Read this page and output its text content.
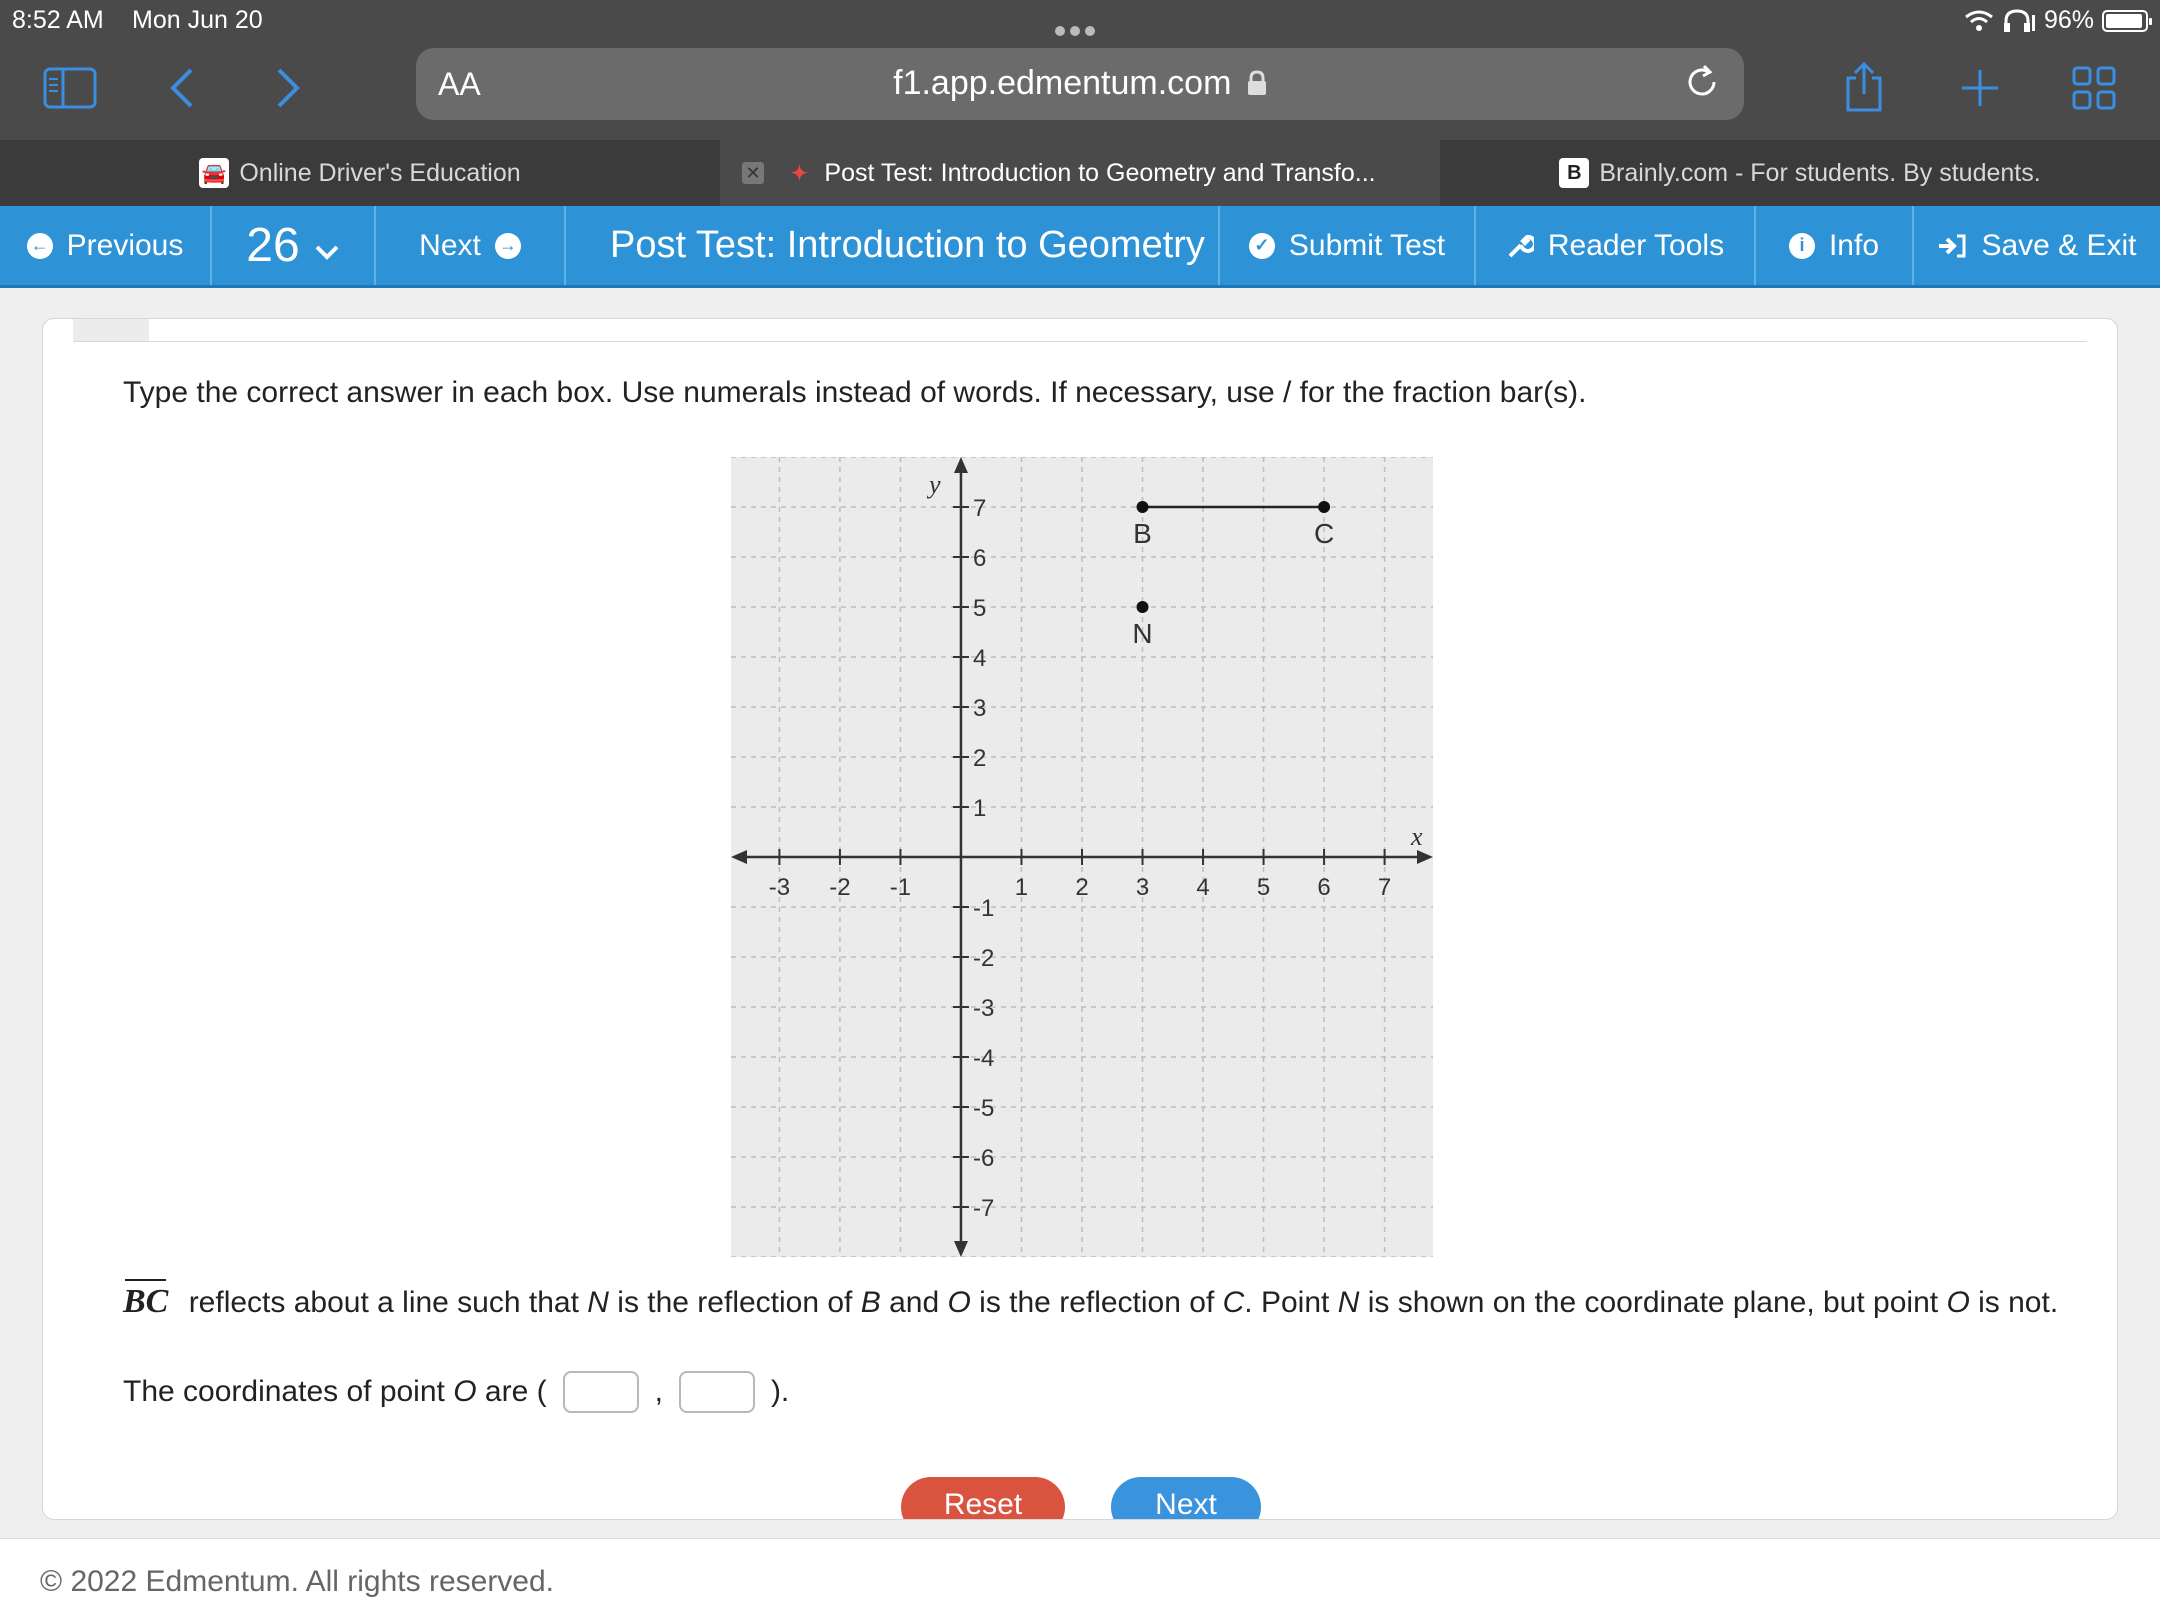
8:52 AM Mon Jun 20	96%
AA	f1.app.edmentum.com
🚘 Online Driver's Education	✕	✦ Post Test: Introduction to Geometry and Transfo...	B Brainly.com - For students. By students.
← Previous 26	Next →	Post Test: Introduction to Geometry	✓ Submit Test	Reader Tools	i Info	Save & Exit

Type the correct answer in each box. Use numerals instead of words. If necessary, use / for the fraction bar(s).

-3 -2 -1	1 2 3 4 5 6 7
-7
-6
-5
-4
-3
-2
-1
1
2
3
4
5
6
7
x
y
B	C
N

BC reflects about a line such that N is the reflection of B and O is the reflection of C. Point N is shown on the coordinate plane, but point O is not.

The coordinates of point O are (	,	).
Reset	Next
© 2022 Edmentum. All rights reserved.
